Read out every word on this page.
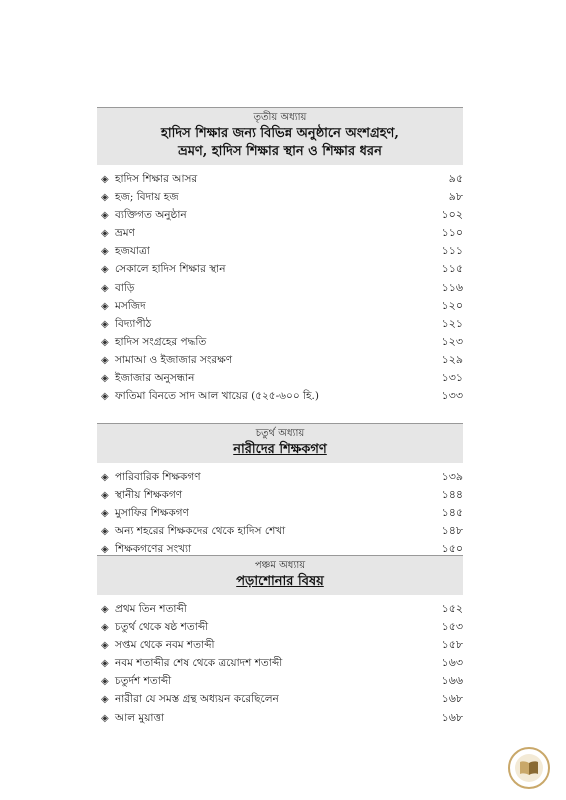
তৃতীয় অধ্যায়
হাদিস শিক্ষার জন্য বিভিন্ন অনুষ্ঠানে অংশগ্রহণ,
ভ্রমণ, হাদিস শিক্ষার স্থান ও শিক্ষার ধরন
◈ হাদিস শিক্ষার আসর	৯৫
◈ হজ; বিদায় হজ	৯৮
◈ ব্যক্তিগত অনুষ্ঠান	১০২
◈ ভ্রমণ	১১০
◈ হজযাত্রা	১১১
◈ সেকালে হাদিস শিক্ষার স্থান	১১৫
◈ বাড়ি	১১৬
◈ মসজিদ	১২০
◈ বিদ্যাপীঠ	১২১
◈ হাদিস সংগ্রহের পদ্ধতি	১২৩
◈ সামাআ ও ইজাজার সংরক্ষণ	১২৯
◈ ইজাজার অনুসন্ধান	১৩১
◈ ফাতিমা বিনতে সাদ আল খায়ের (৫২৫-৬০০ হি.)	১৩৩
চতুর্থ অধ্যায়
নারীদের শিক্ষকগণ
◈ পারিবারিক শিক্ষকগণ	১৩৯
◈ স্থানীয় শিক্ষকগণ	১৪৪
◈ মুসাফির শিক্ষকগণ	১৪৫
◈ অন্য শহরের শিক্ষকদের থেকে হাদিস শেখা	১৪৮
◈ শিক্ষকগণের সংখ্যা	১৫০
পঞ্চম অধ্যায়
পড়াশোনার বিষয়
◈ প্রথম তিন শতাব্দী	১৫২
◈ চতুর্থ থেকে ষষ্ঠ শতাব্দী	১৫৩
◈ সপ্তম থেকে নবম শতাব্দী	১৫৮
◈ নবম শতাব্দীর শেষ থেকে ত্রয়োদশ শতাব্দী	১৬৩
◈ চতুর্দশ শতাব্দী	১৬৬
◈ নারীরা যে সমস্ত গ্রন্থ অধ্যয়ন করেছিলেন	১৬৮
◈ আল মুয়াত্তা	১৬৮
